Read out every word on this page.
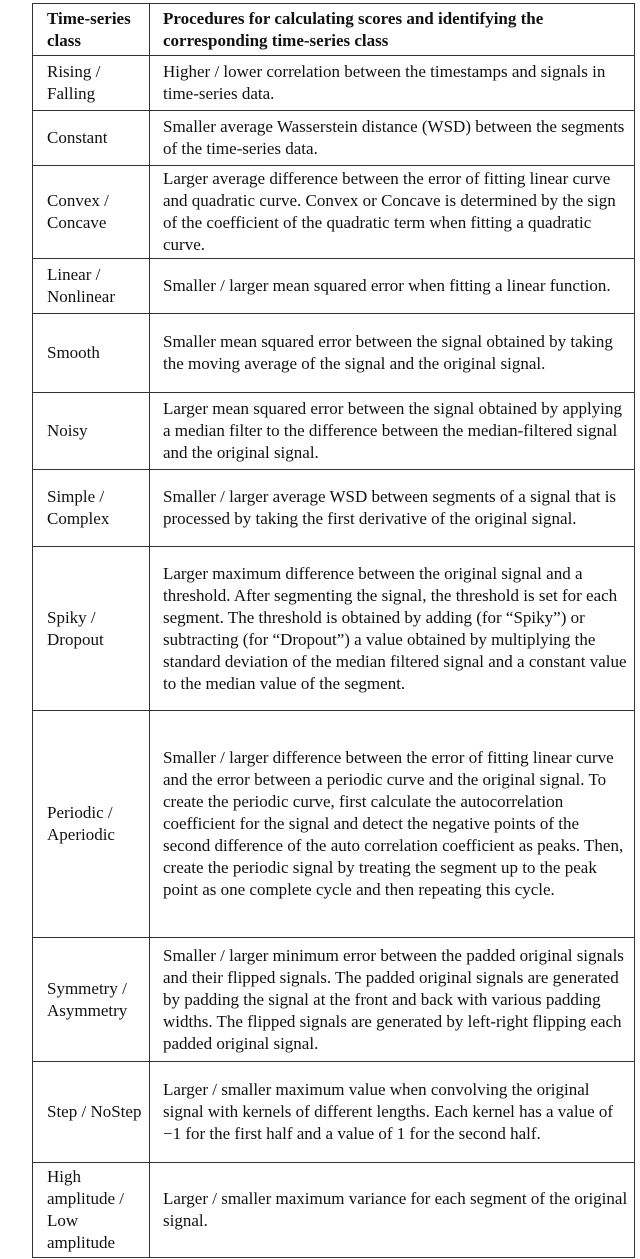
Time-series class	Procedures for calculating scores and identifying the corresponding time-series class
Rising / Falling	Higher / lower correlation between the timestamps and signals in time-series data.
Constant	Smaller average Wasserstein distance (WSD) between the segments of the time-series data.
Convex / Concave	Larger average difference between the error of fitting linear curve and quadratic curve. Convex or Concave is determined by the sign of the coefficient of the quadratic term when fitting a quadratic curve.
Linear / Nonlinear	Smaller / larger mean squared error when fitting a linear function.
Smooth	Smaller mean squared error between the signal obtained by taking the moving average of the signal and the original signal.
Noisy	Larger mean squared error between the signal obtained by applying a median filter to the difference between the median-filtered signal and the original signal.
Simple / Complex	Smaller / larger average WSD between segments of a signal that is processed by taking the first derivative of the original signal.
Spiky / Dropout	Larger maximum difference between the original signal and a threshold. After segmenting the signal, the threshold is set for each segment. The threshold is obtained by adding (for “Spiky”) or subtracting (for “Dropout”) a value obtained by multiplying the standard deviation of the median filtered signal and a constant value to the median value of the segment.
Periodic / Aperiodic	Smaller / larger difference between the error of fitting linear curve and the error between a periodic curve and the original signal. To create the periodic curve, first calculate the autocorrelation coefficient for the signal and detect the negative points of the second difference of the auto correlation coefficient as peaks. Then, create the periodic signal by treating the segment up to the peak point as one complete cycle and then repeating this cycle.
Symmetry / Asymmetry	Smaller / larger minimum error between the padded original signals and their flipped signals. The padded original signals are generated by padding the signal at the front and back with various padding widths. The flipped signals are generated by left-right flipping each padded original signal.
Step / NoStep	Larger / smaller maximum value when convolving the original signal with kernels of different lengths. Each kernel has a value of −1 for the first half and a value of 1 for the second half.
High amplitude / Low amplitude	Larger / smaller maximum variance for each segment of the original signal.
